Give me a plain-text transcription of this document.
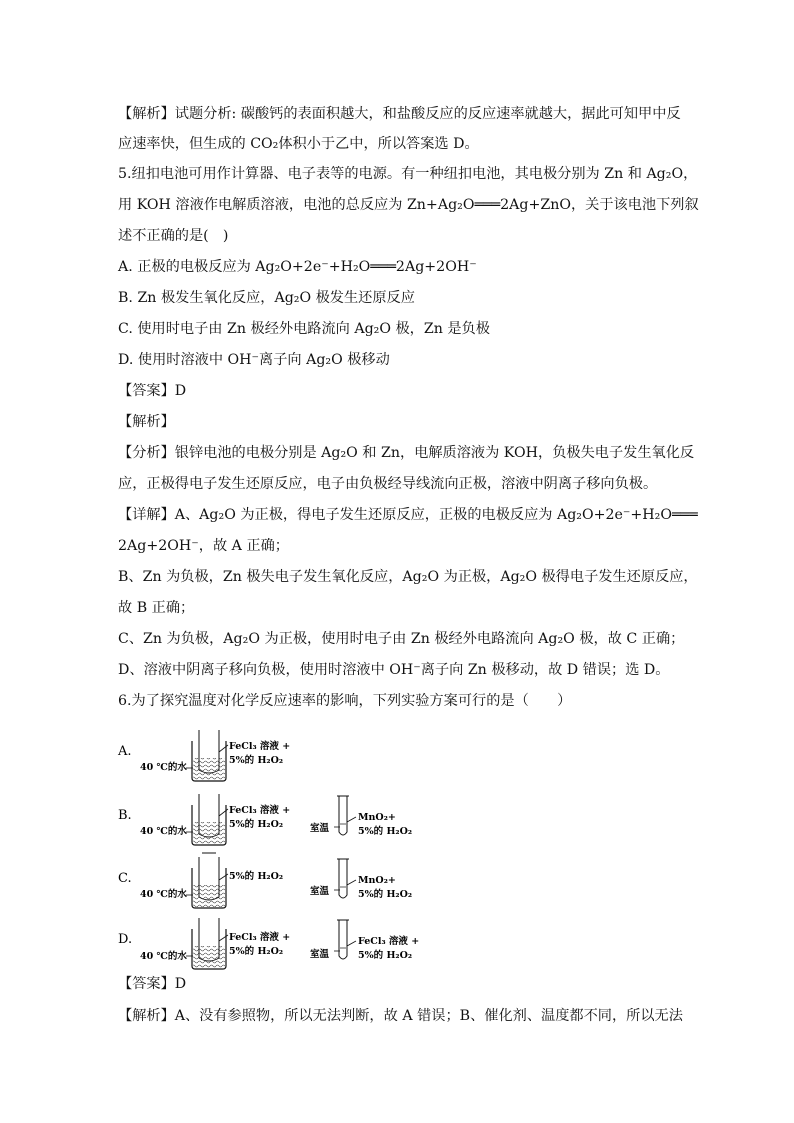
【解析】试题分析: 碳酸钙的表面积越大，和盐酸反应的反应速率就越大，据此可知甲中反
应速率快，但生成的 CO₂体积小于乙中，所以答案选 D。
5.纽扣电池可用作计算器、电子表等的电源。有一种纽扣电池，其电极分别为 Zn 和 Ag₂O，
用 KOH 溶液作电解质溶液，电池的总反应为 Zn+Ag₂O═══2Ag+ZnO，关于该电池下列叙
述不正确的是(　)
A. 正极的电极反应为 Ag₂O+2e⁻+H₂O═══2Ag+2OH⁻
B. Zn 极发生氧化反应，Ag₂O 极发生还原反应
C. 使用时电子由 Zn 极经外电路流向 Ag₂O 极，Zn 是负极
D. 使用时溶液中 OH⁻离子向 Ag₂O 极移动
【答案】D
【解析】
【分析】银锌电池的电极分别是 Ag₂O 和 Zn，电解质溶液为 KOH，负极失电子发生氧化反
应，正极得电子发生还原反应，电子由负极经导线流向正极，溶液中阴离子移向负极。
【详解】A、Ag₂O 为正极，得电子发生还原反应，正极的电极反应为 Ag₂O+2e⁻+H₂O═══
2Ag+2OH⁻，故 A 正确；
B、Zn 为负极，Zn 极失电子发生氧化反应，Ag₂O 为正极，Ag₂O 极得电子发生还原反应，
故 B 正确；
C、Zn 为负极，Ag₂O 为正极，使用时电子由 Zn 极经外电路流向 Ag₂O 极，故 C 正确；
D、溶液中阴离子移向负极，使用时溶液中 OH⁻离子向 Zn 极移动，故 D 错误；选 D。
6.为了探究温度对化学反应速率的影响，下列实验方案可行的是（　　）
A.
40 ℃的水
FeCl₃ 溶液 +
5%的 H₂O₂
B.
40 ℃的水
FeCl₃ 溶液 +
5%的 H₂O₂	室温
MnO₂+
5%的 H₂O₂
C.
40 ℃的水
5%的 H₂O₂
室温
MnO₂+
5%的 H₂O₂
D.
40 ℃的水
FeCl₃ 溶液 +
5%的 H₂O₂	室温
FeCl₃ 溶液 +
5%的 H₂O₂
【答案】D
【解析】A、没有参照物，所以无法判断，故 A 错误；B、催化剂、温度都不同，所以无法
